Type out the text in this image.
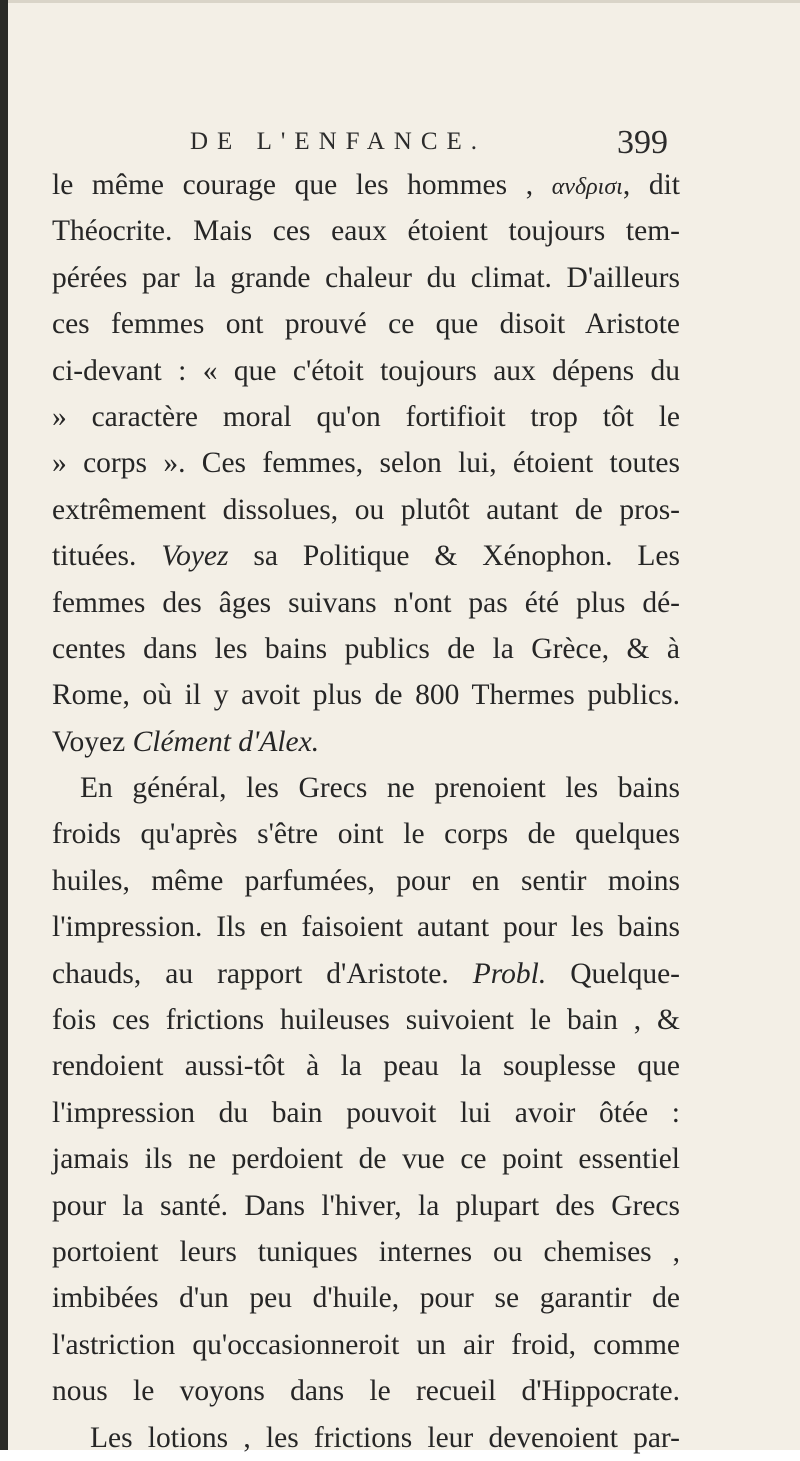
DE L'ENFANCE.	399
le même courage que les hommes , ανδρισι, dit
Théocrite. Mais ces eaux étoient toujours tem-
pérées par la grande chaleur du climat. D'ailleurs
ces femmes ont prouvé ce que disoit Aristote
ci-devant : « que c'étoit toujours aux dépens du
» caractère moral qu'on fortifioit trop tôt le
» corps ». Ces femmes, selon lui, étoient toutes
extrêmement dissolues, ou plutôt autant de pros-
tituées. Voyez sa Politique & Xénophon. Les
femmes des âges suivans n'ont pas été plus dé-
centes dans les bains publics de la Grèce, & à
Rome, où il y avoit plus de 800 Thermes publics.
Voyez Clément d'Alex.
En général, les Grecs ne prenoient les bains
froids qu'après s'être oint le corps de quelques
huiles, même parfumées, pour en sentir moins
l'impression. Ils en faisoient autant pour les bains
chauds, au rapport d'Aristote. Probl. Quelque-
fois ces frictions huileuses suivoient le bain , &
rendoient aussi-tôt à la peau la souplesse que
l'impression du bain pouvoit lui avoir ôtée :
jamais ils ne perdoient de vue ce point essentiel
pour la santé. Dans l'hiver, la plupart des Grecs
portoient leurs tuniques internes ou chemises ,
imbibées d'un peu d'huile, pour se garantir de
l'astriction qu'occasionneroit un air froid, comme
nous le voyons dans le recueil d'Hippocrate.
Les lotions , les frictions leur devenoient par-
